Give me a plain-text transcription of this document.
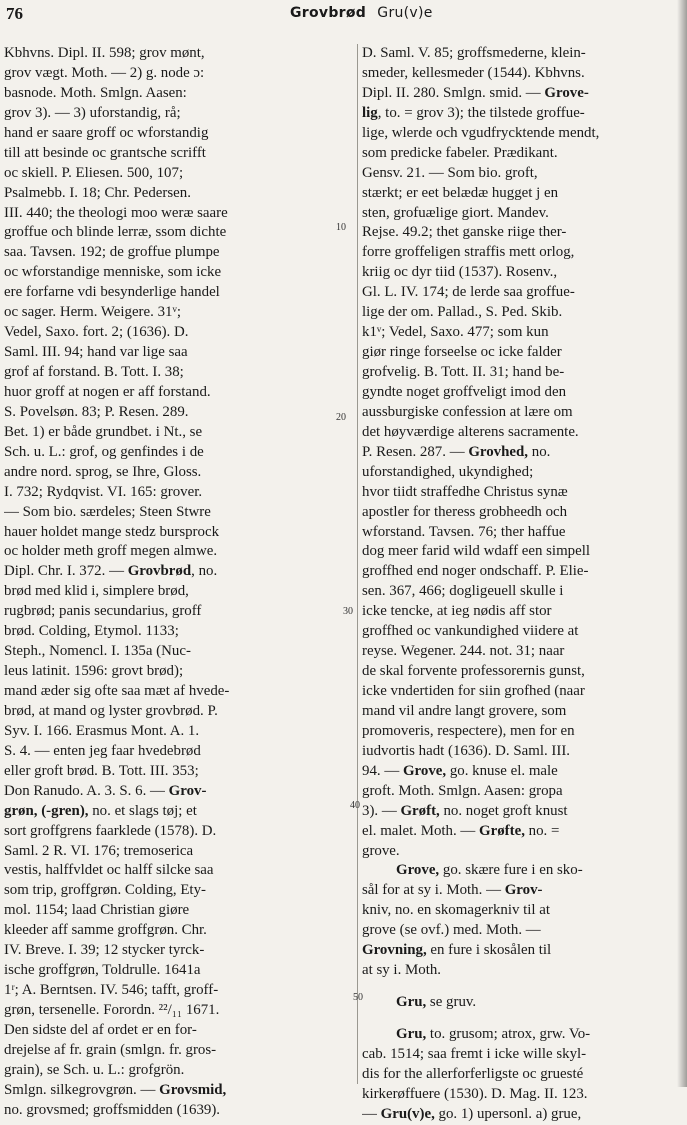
76	Grovbrød Gru(v)e
Kbhvns. Dipl. II. 598; grov mønt,
grov vægt. Moth. — 2) g. node ɔ:
basnode. Moth. Smlgn. Aasen:
grov 3). — 3) uforstandig, rå;
hand er saare groff oc wforstandig
till att besinde oc grantsche scrifft
oc skiell. P. Eliesen. 500, 107;
Psalmebb. I. 18; Chr. Pedersen.
III. 440; the theologi moo weræ saare
groffue och blinde lerræ, ssom dichte
saa. Tavsen. 192; de groffue plumpe
oc wforstandige menniske, som icke
ere forfarne vdi besynderlige handel
oc sager. Herm. Weigere. 31ᵛ;
Vedel, Saxo. fort. 2; (1636). D.
Saml. III. 94; hand var lige saa
grof af forstand. B. Tott. I. 38;
huor groff at nogen er aff forstand.
S. Povelsøn. 83; P. Resen. 289.
Bet. 1) er både grundbet. i Nt., se
Sch. u. L.: grof, og genfindes i de
andre nord. sprog, se Ihre, Gloss.
I. 732; Rydqvist. VI. 165: grover.
— Som bio. særdeles; Steen Stwre
hauer holdet mange stedz bursprock
oc holder meth groff megen almwe.
Dipl. Chr. I. 372. — Grovbrød, no.
brød med klid i, simplere brød,
rugbrød; panis secundarius, groff
brød. Colding, Etymol. 1133;
Steph., Nomencl. I. 135a (Nuc-
leus latinit. 1596: grovt brød);
mand æder sig ofte saa mæt af hvede-
brød, at mand og lyster grovbrød. P.
Syv. I. 166. Erasmus Mont. A. 1.
S. 4. — enten jeg faar hvedebrød
eller groft brød. B. Tott. III. 353;
Don Ranudo. A. 3. S. 6. — Grov-
grøn, (-gren), no. et slags tøj; et
sort groffgrens faarklede (1578). D.
Saml. 2 R. VI. 176; tremoserica
vestis, halffvldet oc halff silcke saa
som trip, groffgrøn. Colding, Ety-
mol. 1154; laad Christian giøre
kleeder aff samme groffgrøn. Chr.
IV. Breve. I. 39; 12 stycker tyrck-
ische groffgrøn, Toldrulle. 1641a
1ʳ; A. Berntsen. IV. 546; tafft, groff-
grøn, tersenelle. Forordn. ²²/₁₁ 1671.
Den sidste del af ordet er en for-
drejelse af fr. grain (smlgn. fr. gros-
grain), se Sch. u. L.: grofgrön.
Smlgn. silkegrovgrøn. — Grovsmid,
no. grovsmed; groffsmidden (1639).
D. Saml. V. 85; groffsmederne, klein-
smeder, kellesmeder (1544). Kbhvns.
Dipl. II. 280. Smlgn. smid. — Grove-
lig, to. = grov 3); the tilstede groffue-
lige, wlerde och vgudfrycktende mendt,
som predicke fabeler. Prædikant.
Gensv. 21. — Som bio. groft,
stærkt; er eet belædæ hugget j en
sten, grofuælige giort. Mandev.
Rejse. 49.2; thet ganske riige ther-
forre groffeligen straffis mett orlog,
kriig oc dyr tiid (1537). Rosenv.,
Gl. L. IV. 174; de lerde saa groffue-
lige der om. Pallad., S. Ped. Skib.
k1ᵛ; Vedel, Saxo. 477; som kun
giør ringe forseelse oc icke falder
grofvelig. B. Tott. II. 31; hand be-
gyndte noget groffveligt imod den
aussburgiske confession at lære om
det høyværdige alterens sacramente.
P. Resen. 287. — Grovhed, no.
uforstandighed, ukyndighed;
hvor tiidt straffedhe Christus synæ
apostler for theress grobheedh och
wforstand. Tavsen. 76; ther haffue
dog meer farid wild wdaff een simpell
groffhed end noger ondschaff. P. Elie-
sen. 367, 466; dogligeuell skulle i
icke tencke, at ieg nødis aff stor
groffhed oc vankundighed viidere at
reyse. Wegener. 244. not. 31; naar
de skal forvente professorernis gunst,
icke vndertiden for siin grofhed (naar
mand vil andre langt grovere, som
promoveris, respectere), men for en
iudvortis hadt (1636). D. Saml. III.
94. — Grove, go. knuse el. male
groft. Moth. Smlgn. Aasen: gropa
3). — Grøft, no. noget groft knust
el. malet. Moth. — Grøfte, no. =
grove.
Grove, go. skære fure i en sko-
sål for at sy i. Moth. — Grov-
kniv, no. en skomagerkniv til at
grove (se ovf.) med. Moth. —
Grovning, en fure i skosålen til
at sy i. Moth.
Gru, se gruv.
Gru, to. grusom; atrox, grw. Vo-
cab. 1514; saa fremt i icke wille skyl-
dis for the allerforferligste oc gruesté
kirkerøffuere (1530). D. Mag. II. 123.
— Gru(v)e, go. 1) upersonl. a) grue,
10
20
30
40
50
